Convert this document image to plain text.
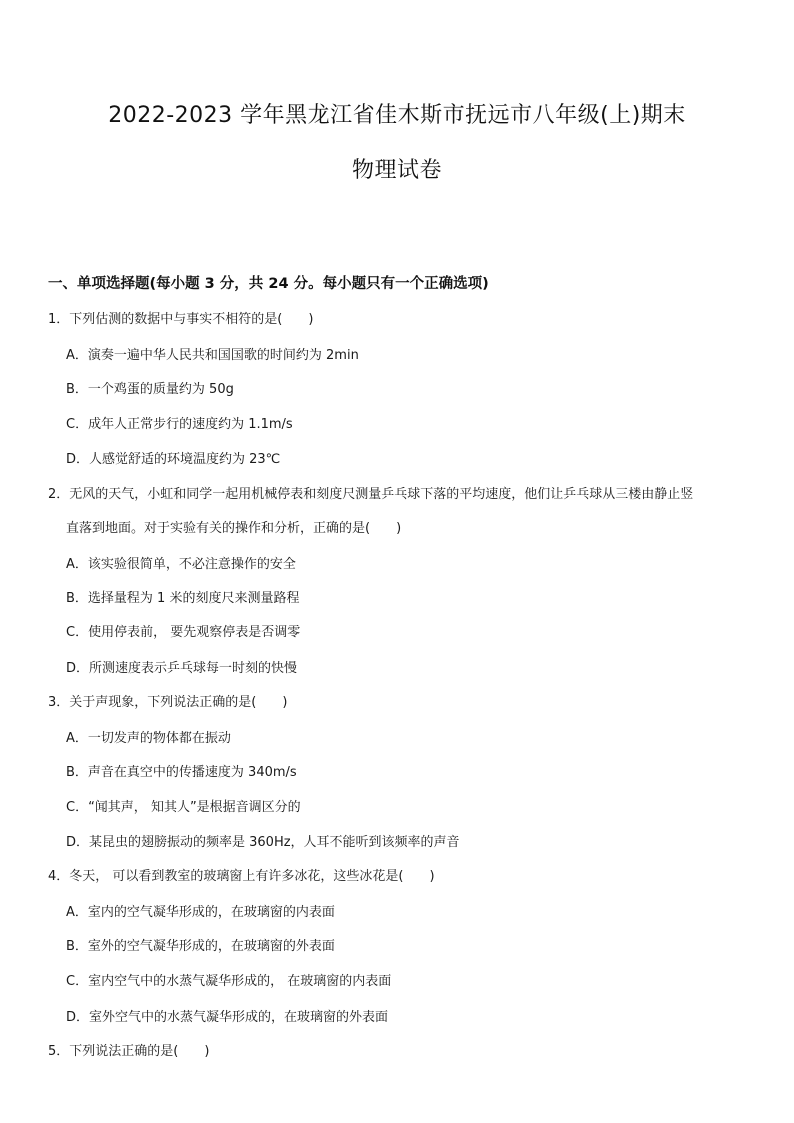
2022-2023 学年黑龙江省佳木斯市抚远市八年级(上)期末
物理试卷
一、单项选择题(每小题 3 分，共 24 分。每小题只有一个正确选项)
1．下列估测的数据中与事实不相符的是(　　)
A．演奏一遍中华人民共和国国歌的时间约为 2min
B．一个鸡蛋的质量约为 50g
C．成年人正常步行的速度约为 1.1m/s
D．人感觉舒适的环境温度约为 23℃
2．无风的天气，小虹和同学一起用机械停表和刻度尺测量乒乓球下落的平均速度，他们让乒乓球从三楼由静止竖
直落到地面。对于实验有关的操作和分析，正确的是(　　)
A．该实验很简单，不必注意操作的安全
B．选择量程为 1 米的刻度尺来测量路程
C．使用停表前， 要先观察停表是否调零
D．所测速度表示乒乓球每一时刻的快慢
3．关于声现象，下列说法正确的是(　　)
A．一切发声的物体都在振动
B．声音在真空中的传播速度为 340m/s
C．“闻其声， 知其人”是根据音调区分的
D．某昆虫的翅膀振动的频率是 360Hz，人耳不能听到该频率的声音
4．冬天， 可以看到教室的玻璃窗上有许多冰花，这些冰花是(　　)
A．室内的空气凝华形成的，在玻璃窗的内表面
B．室外的空气凝华形成的，在玻璃窗的外表面
C．室内空气中的水蒸气凝华形成的， 在玻璃窗的内表面
D．室外空气中的水蒸气凝华形成的，在玻璃窗的外表面
5．下列说法正确的是(　　)
